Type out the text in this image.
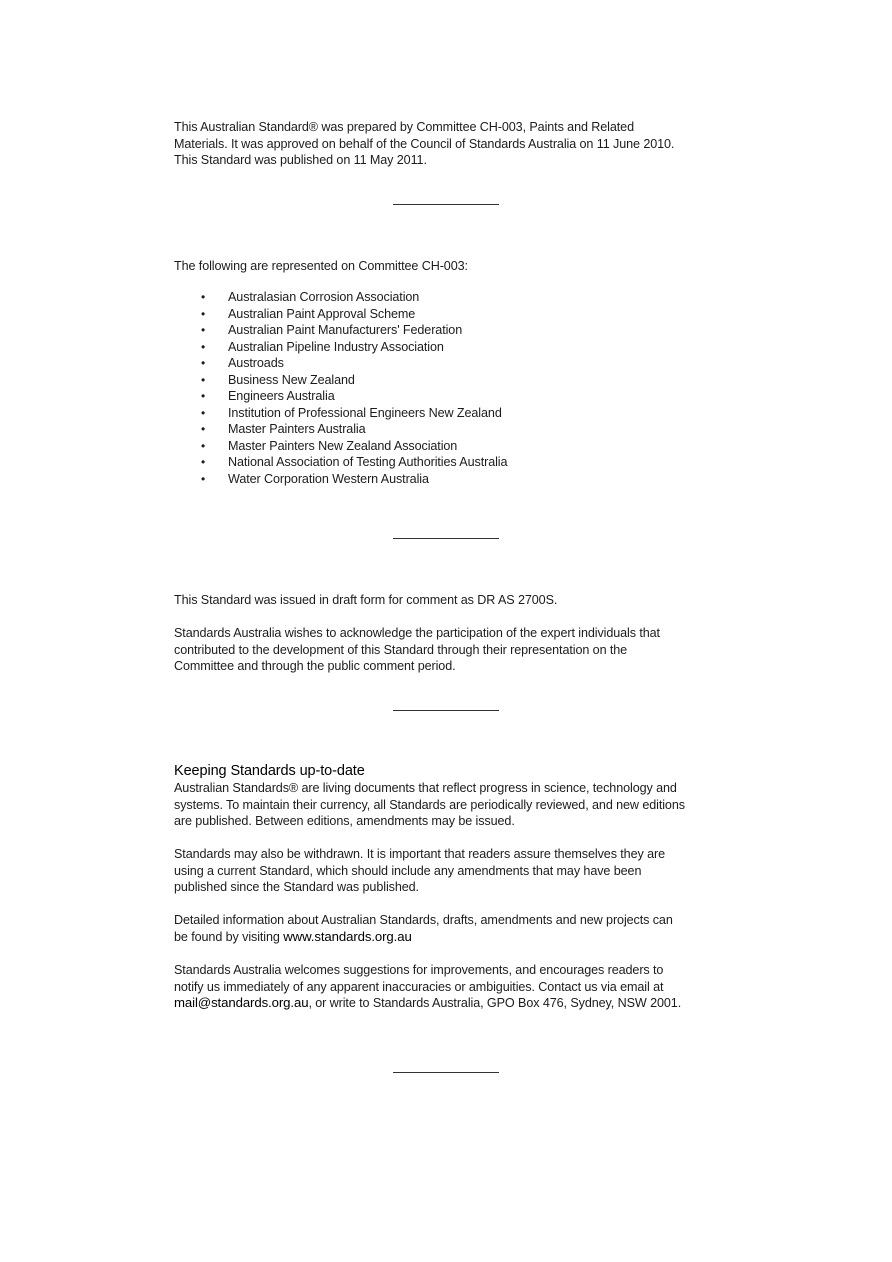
This Australian Standard® was prepared by Committee CH-003, Paints and Related
Materials. It was approved on behalf of the Council of Standards Australia on 11 June 2010.
This Standard was published on 11 May 2011.

The following are represented on Committee CH-003:

• Australasian Corrosion Association
• Australian Paint Approval Scheme
• Australian Paint Manufacturers' Federation
• Australian Pipeline Industry Association
• Austroads
• Business New Zealand
• Engineers Australia
• Institution of Professional Engineers New Zealand
• Master Painters Australia
• Master Painters New Zealand Association
• National Association of Testing Authorities Australia
• Water Corporation Western Australia

This Standard was issued in draft form for comment as DR AS 2700S.

Standards Australia wishes to acknowledge the participation of the expert individuals that
contributed to the development of this Standard through their representation on the
Committee and through the public comment period.

Keeping Standards up-to-date

Australian Standards® are living documents that reflect progress in science, technology and
systems. To maintain their currency, all Standards are periodically reviewed, and new editions
are published. Between editions, amendments may be issued.

Standards may also be withdrawn. It is important that readers assure themselves they are
using a current Standard, which should include any amendments that may have been
published since the Standard was published.

Detailed information about Australian Standards, drafts, amendments and new projects can
be found by visiting www.standards.org.au

Standards Australia welcomes suggestions for improvements, and encourages readers to
notify us immediately of any apparent inaccuracies or ambiguities. Contact us via email at
mail@standards.org.au, or write to Standards Australia, GPO Box 476, Sydney, NSW 2001.
